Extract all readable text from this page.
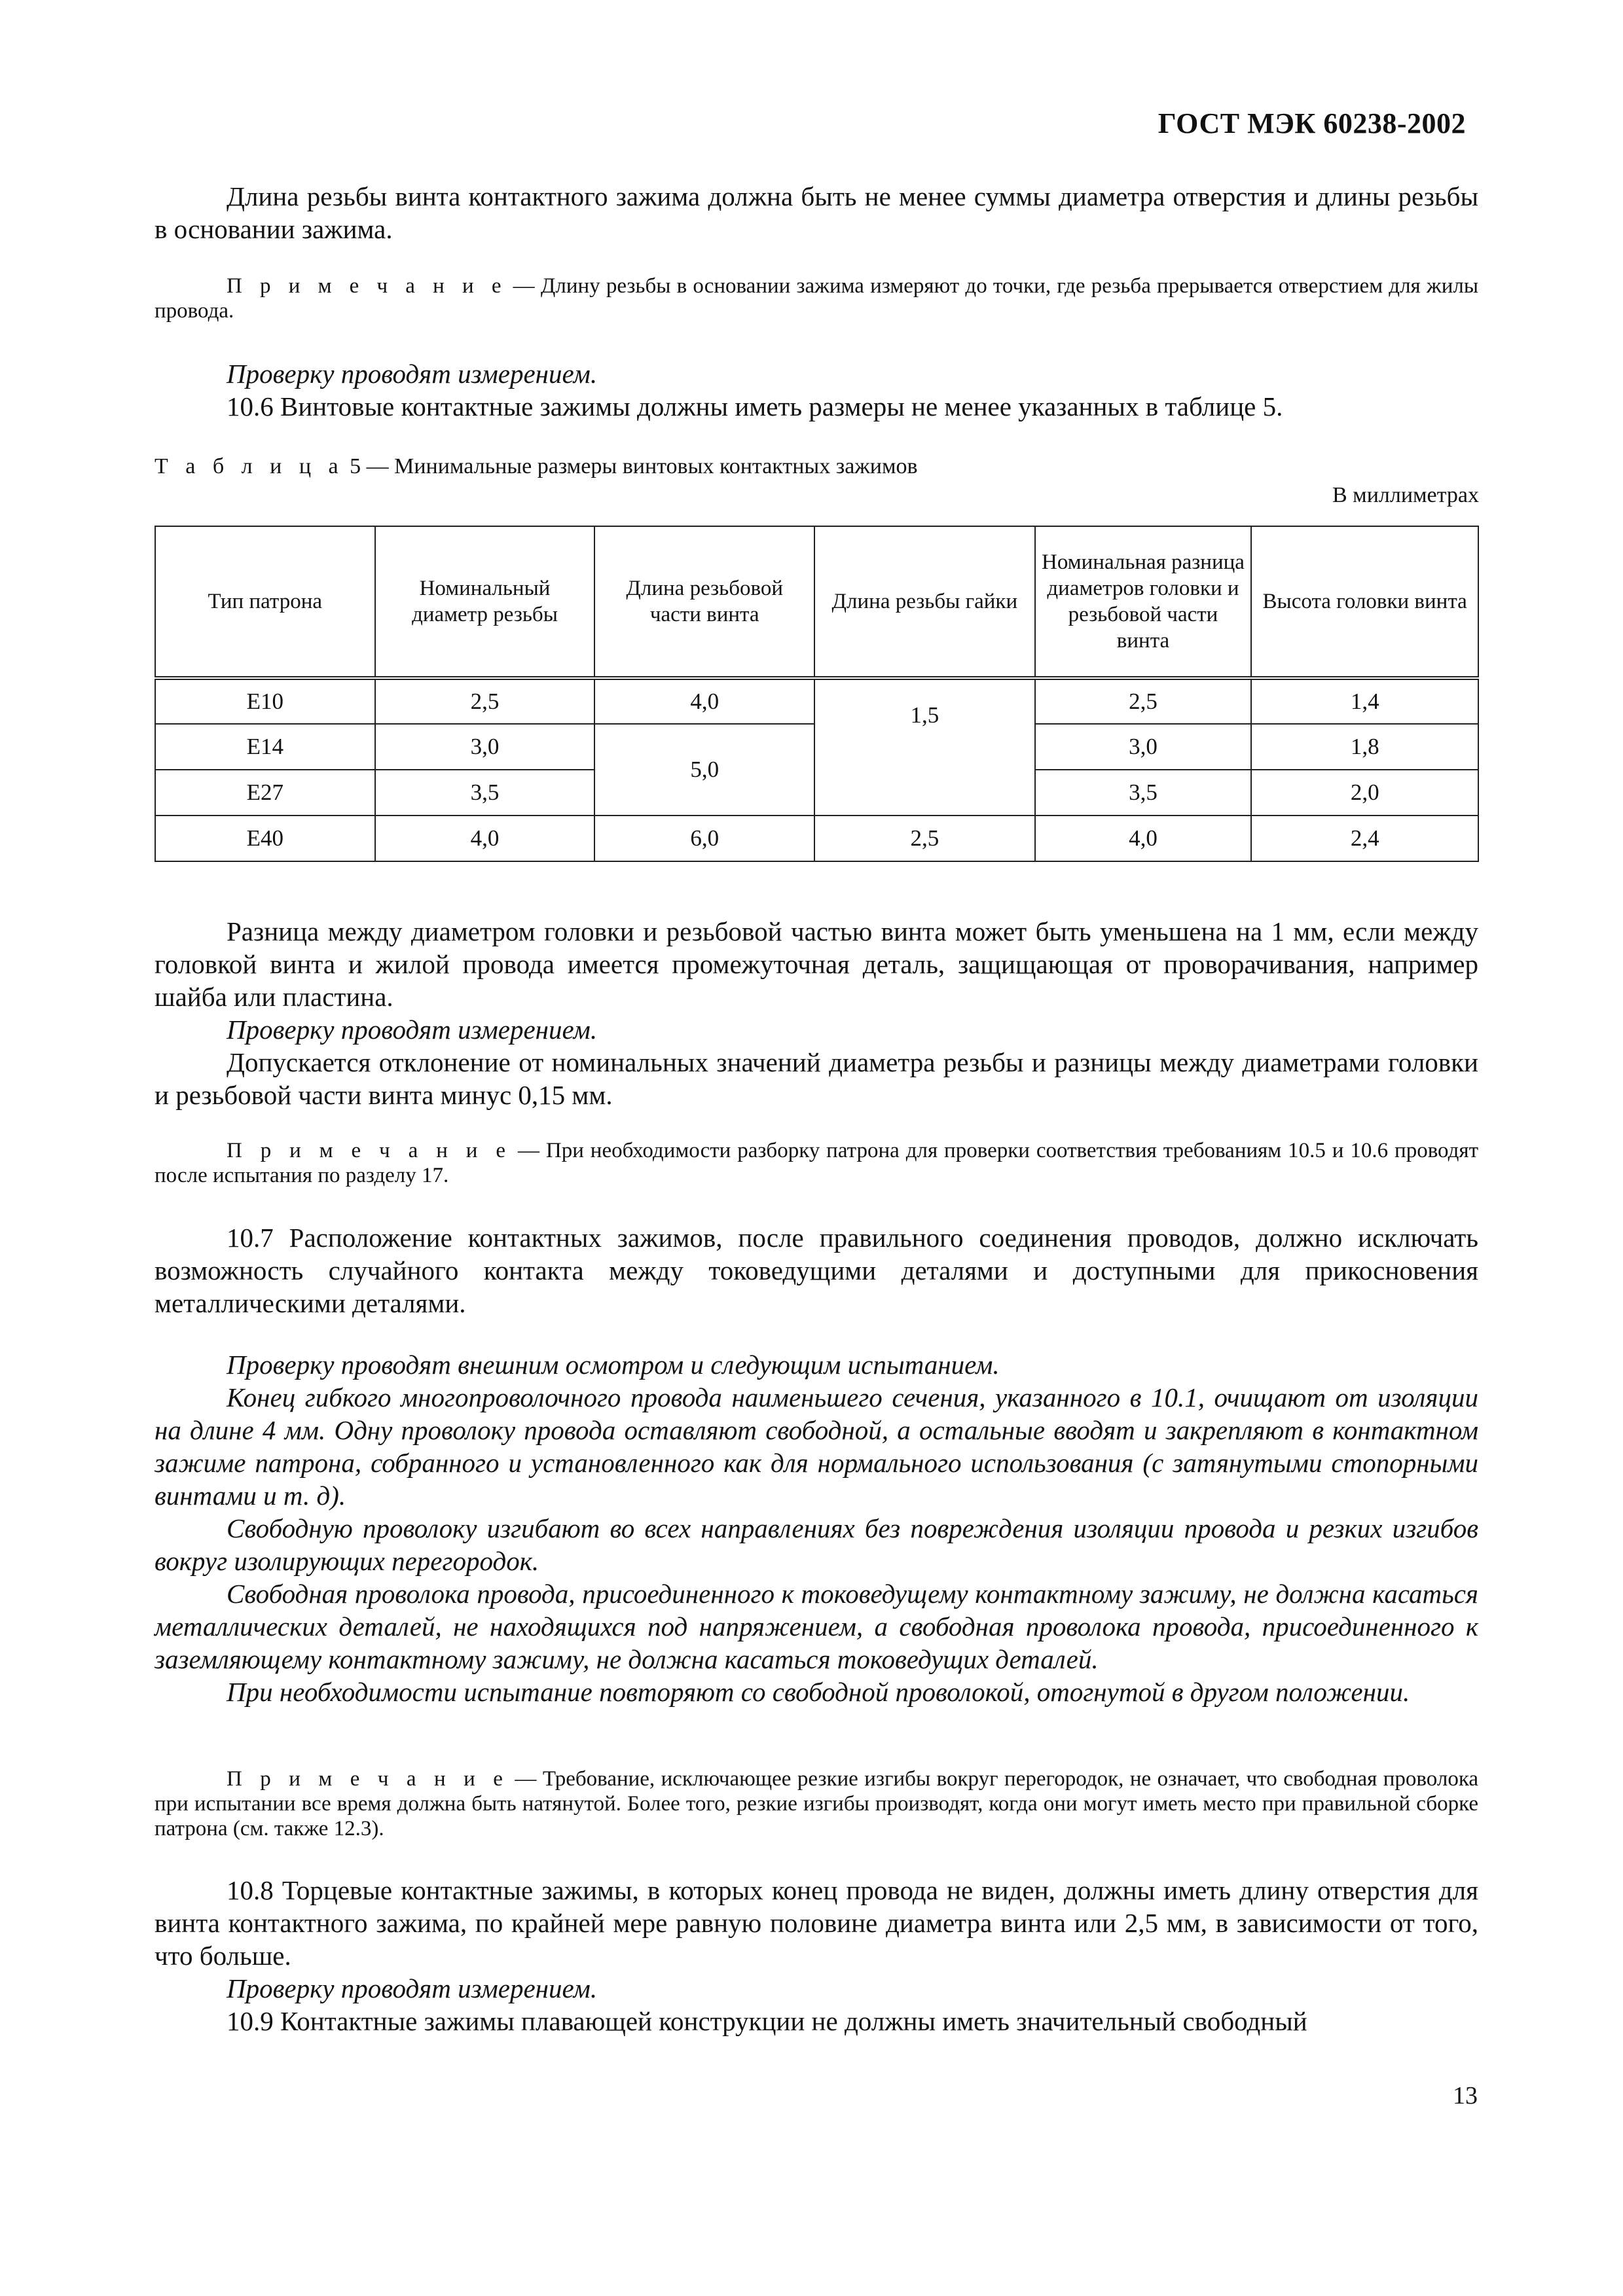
ГОСТ МЭК 60238-2002
Длина резьбы винта контактного зажима должна быть не менее суммы диаметра отверстия и длины резьбы в основании зажима.
П р и м е ч а н и е — Длину резьбы в основании зажима измеряют до точки, где резьба прерывается отверстием для жилы провода.
Проверку проводят измерением.
10.6 Винтовые контактные зажимы должны иметь размеры не менее указанных в таблице 5.
Т а б л и ц а 5 — Минимальные размеры винтовых контактных зажимов
В миллиметрах
Тип патрона	Номинальный диаметр резьбы	Длина резьбовой части винта	Длина резьбы гайки	Номинальная разница диаметров головки и резьбовой части винта	Высота головки винта
E10	2,5	4,0	1,5	2,5	1,4
E14	3,0	5,0		3,0	1,8
E27	3,5			3,5	2,0
E40	4,0	6,0	2,5	4,0	2,4
Разница между диаметром головки и резьбовой частью винта может быть уменьшена на 1 мм, если между головкой винта и жилой провода имеется промежуточная деталь, защищающая от проворачивания, например шайба или пластина.
Проверку проводят измерением.
Допускается отклонение от номинальных значений диаметра резьбы и разницы между диаметрами головки и резьбовой части винта минус 0,15 мм.
П р и м е ч а н и е — При необходимости разборку патрона для проверки соответствия требованиям 10.5 и 10.6 проводят после испытания по разделу 17.
10.7 Расположение контактных зажимов, после правильного соединения проводов, должно исключать возможность случайного контакта между токоведущими деталями и доступными для прикосновения металлическими деталями.
Проверку проводят внешним осмотром и следующим испытанием.
Конец гибкого многопроволочного провода наименьшего сечения, указанного в 10.1, очищают от изоляции на длине 4 мм. Одну проволоку провода оставляют свободной, а остальные вводят и закрепляют в контактном зажиме патрона, собранного и установленного как для нормального использования (с затянутыми стопорными винтами и т. д).
Свободную проволоку изгибают во всех направлениях без повреждения изоляции провода и резких изгибов вокруг изолирующих перегородок.
Свободная проволока провода, присоединенного к токоведущему контактному зажиму, не должна касаться металлических деталей, не находящихся под напряжением, а свободная проволока провода, присоединенного к заземляющему контактному зажиму, не должна касаться токоведущих деталей.
При необходимости испытание повторяют со свободной проволокой, отогнутой в другом положении.
П р и м е ч а н и е — Требование, исключающее резкие изгибы вокруг перегородок, не означает, что свободная проволока при испытании все время должна быть натянутой. Более того, резкие изгибы производят, когда они могут иметь место при правильной сборке патрона (см. также 12.3).
10.8 Торцевые контактные зажимы, в которых конец провода не виден, должны иметь длину отверстия для винта контактного зажима, по крайней мере равную половине диаметра винта или 2,5 мм, в зависимости от того, что больше.
Проверку проводят измерением.
10.9 Контактные зажимы плавающей конструкции не должны иметь значительный свободный
13
